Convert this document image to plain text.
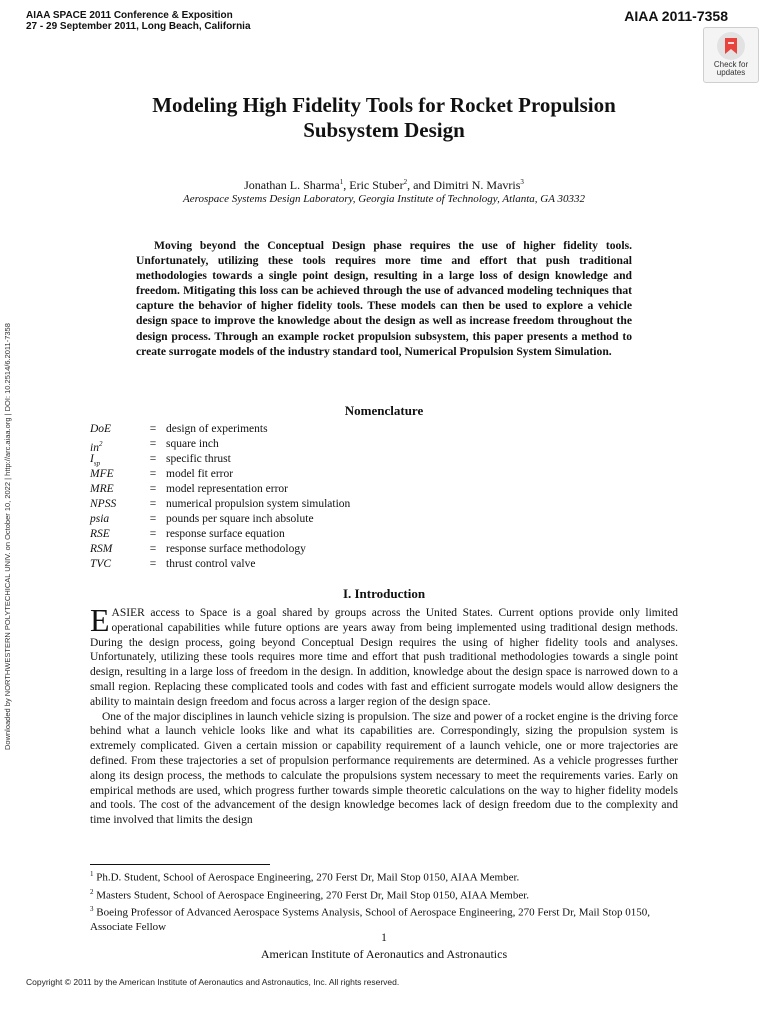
AIAA SPACE 2011 Conference & Exposition
27 - 29 September 2011, Long Beach, California
AIAA 2011-7358
Check for
updates
Downloaded by NORTHWESTERN POLYTECHICAL UNIV. on October 10, 2022 | http://arc.aiaa.org | DOI: 10.2514/6.2011-7358
Modeling High Fidelity Tools for Rocket Propulsion
Subsystem Design
Jonathan L. Sharma$^1$, Eric Stuber$^2$, and Dimitri N. Mavris$^3$
Aerospace Systems Design Laboratory, Georgia Institute of Technology, Atlanta, GA 30332

Moving beyond the Conceptual Design phase requires the use of higher fidelity tools. Unfortunately, utilizing these tools requires more time and effort that push traditional methodologies towards a single point design, resulting in a large loss of design knowledge and freedom. Mitigating this loss can be achieved through the use of advanced modeling techniques that capture the behavior of higher fidelity tools. These models can then be used to explore a vehicle design space to improve the knowledge about the design as well as increase freedom throughout the design process. Through an example rocket propulsion subsystem, this paper presents a method to create surrogate models of the industry standard tool, Numerical Propulsion System Simulation.

Nomenclature
DoE	= design of experiments
$in^2$	= square inch
$I_{sp}$	= specific thrust
MFE	= model fit error
MRE	= model representation error
NPSS	= numerical propulsion system simulation
psia	= pounds per square inch absolute
RSE	= response surface equation
RSM	= response surface methodology
TVC	= thrust control valve
I. Introduction

EASIER access to Space is a goal shared by groups across the United States. Current options provide only limited operational capabilities while future options are years away from being implemented using traditional design methods. During the design process, going beyond Conceptual Design requires the using of higher fidelity tools and analyses. Unfortunately, utilizing these tools requires more time and effort that push traditional methodologies towards a single point design, resulting in a large loss of freedom in the design. In addition, knowledge about the design space is narrowed down to a small region. Replacing these complicated tools and codes with fast and efficient surrogate models would allow designers the ability to maintain design freedom and focus across a larger region of the design space.

One of the major disciplines in launch vehicle sizing is propulsion. The size and power of a rocket engine is the driving force behind what a launch vehicle looks like and what its capabilities are. Correspondingly, sizing the propulsion system is extremely complicated. Given a certain mission or capability requirement of a launch vehicle, one or more trajectories are defined. From these trajectories a set of propulsion performance requirements are determined. As a vehicle progresses further along its design process, the methods to calculate the propulsions system necessary to meet the requirements varies. Early on empirical methods are used, which progress further towards simple theoretic calculations on the way to higher fidelity models and tools. The cost of the advancement of the design knowledge becomes lack of design freedom due to the complexity and time involved that limits the design

$^1$ Ph.D. Student, School of Aerospace Engineering, 270 Ferst Dr, Mail Stop 0150, AIAA Member.
$^2$ Masters Student, School of Aerospace Engineering, 270 Ferst Dr, Mail Stop 0150, AIAA Member.
$^3$ Boeing Professor of Advanced Aerospace Systems Analysis, School of Aerospace Engineering, 270 Ferst Dr, Mail Stop 0150, Associate Fellow
1
American Institute of Aeronautics and Astronautics
Copyright © 2011 by the American Institute of Aeronautics and Astronautics, Inc. All rights reserved.
